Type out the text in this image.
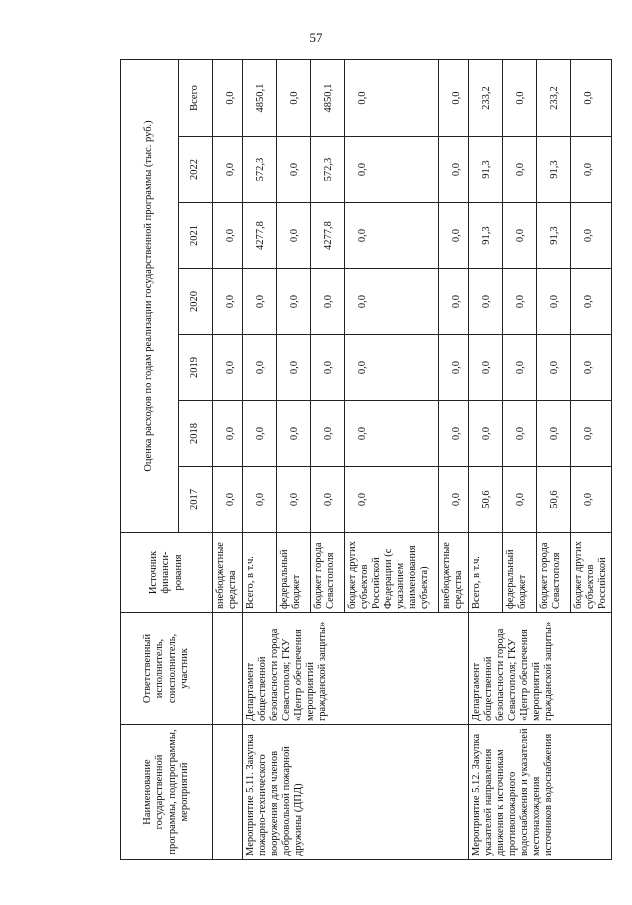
57
Наименование государственной программы, подпрограммы, мероприятий	Ответственный исполнитель, соисполнитель, участник	Источник финанси-рования	Оценка расходов по годам реализации государственной программы (тыс. руб.)						
			2017	2018	2019	2020	2021	2022	Всего
		внебюджетные средства	0,0	0,0	0,0	0,0	0,0	0,0	0,0
Мероприятие 5.11. Закупка пожарно-технического вооружения для членов добровольной пожарной дружины (ДПД)	Департамент общественной безопасности города Севастополя; ГКУ «Центр обеспечения мероприятий гражданской защиты»	Всего, в т.ч.	0,0	0,0	0,0	0,0	4277,8	572,3	4850,1
		федеральный бюджет	0,0	0,0	0,0	0,0	0,0	0,0	0,0
		бюджет города Севастополя	0,0	0,0	0,0	0,0	4277,8	572,3	4850,1
		бюджет других субъектов Российской Федерации (с указанием наименования субъекта)	0,0	0,0	0,0	0,0	0,0	0,0	0,0
		внебюджетные средства	0,0	0,0	0,0	0,0	0,0	0,0	0,0
Мероприятие 5.12. Закупка указателей направления движения к источникам противопожарного водоснабжения и указателей местонахождения источников водоснабжения	Департамент общественной безопасности города Севастополя; ГКУ «Центр обеспечения мероприятий гражданской защиты»	Всего, в т.ч.	50,6	0,0	0,0	0,0	91,3	91,3	233,2
		федеральный бюджет	0,0	0,0	0,0	0,0	0,0	0,0	0,0
		бюджет города Севастополя	50,6	0,0	0,0	0,0	91,3	91,3	233,2
		бюджет других субъектов Российской	0,0	0,0	0,0	0,0	0,0	0,0	0,0
